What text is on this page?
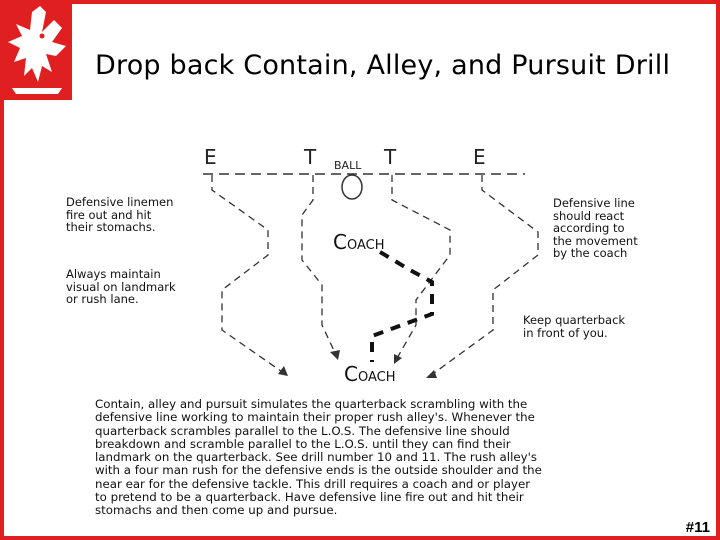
Drop back Contain, Alley, and Pursuit Drill
E	T	T	E
BALL
COACH
COACH
Defensive linemen
fire out and hit
their stomachs.
Always maintain
visual on landmark
or rush lane.
Defensive line
should react
according to
the movement
by the coach
Keep quarterback
in front of you.
Contain, alley and pursuit simulates the quarterback scrambling with the
defensive line working to maintain their proper rush alley's. Whenever the
quarterback scrambles parallel to the L.O.S. The defensive line should
breakdown and scramble parallel to the L.O.S. until they can find their
landmark on the quarterback. See drill number 10 and 11. The rush alley's
with a four man rush for the defensive ends is the outside shoulder and the
near ear for the defensive tackle. This drill requires a coach and or player
to pretend to be a quarterback. Have defensive line fire out and hit their
stomachs and then come up and pursue.
#11
